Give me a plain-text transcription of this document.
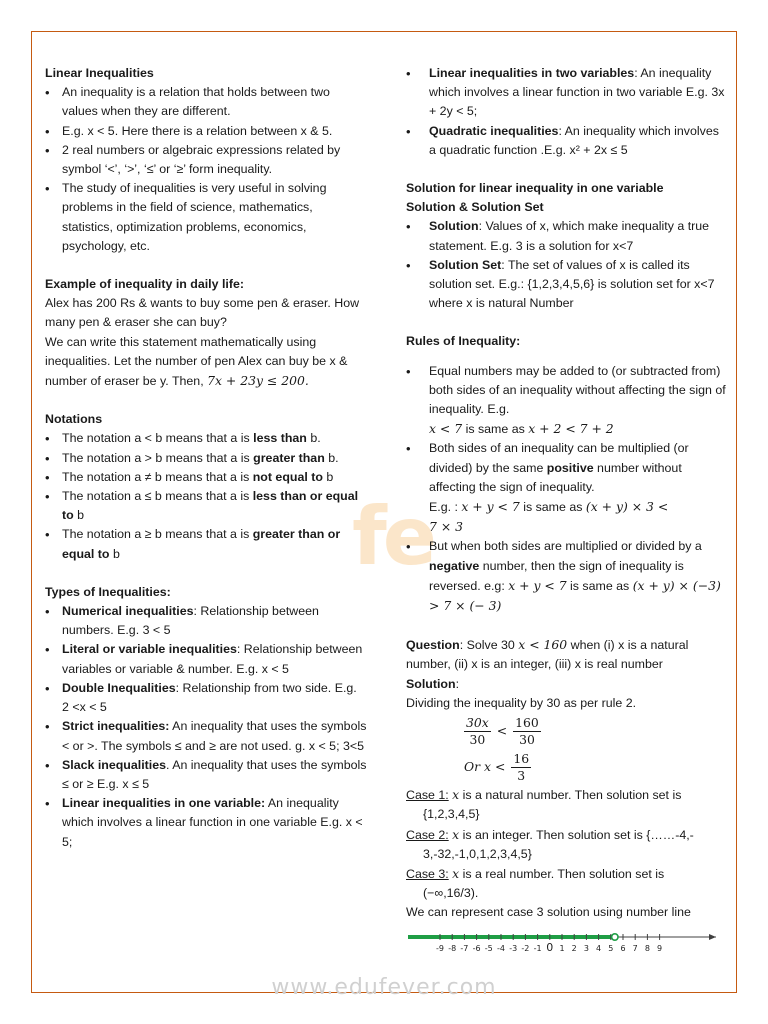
fe
Linear Inequalities
• An inequality is a relation that holds between two values when they are different.
• E.g. x < 5. Here there is a relation between x & 5.
• 2 real numbers or algebraic expressions related by symbol ‘<’, ‘>’, ‘≤’ or ‘≥’ form inequality.
• The study of inequalities is very useful in solving problems in the field of science, mathematics, statistics, optimization problems, economics, psychology, etc.
Example of inequality in daily life:

Alex has 200 Rs & wants to buy some pen & eraser. How many pen & eraser she can buy?

We can write this statement mathematically using inequalities. Let the number of pen Alex can buy be x & number of eraser be y. Then, 7x + 23y ≤ 200.

Notations
• The notation a < b means that a is less than b.
• The notation a > b means that a is greater than b.
• The notation a ≠ b means that a is not equal to b
• The notation a ≤ b means that a is less than or equal to b
• The notation a ≥ b means that a is greater than or equal to b
Types of Inequalities:
• Numerical inequalities: Relationship between numbers. E.g. 3 < 5
• Literal or variable inequalities: Relationship between variables or variable & number. E.g. x < 5
• Double Inequalities: Relationship from two side. E.g. 2 <x < 5
• Strict inequalities: An inequality that uses the symbols < or >. The symbols ≤ and ≥ are not used. g. x < 5; 3<5
• Slack inequalities. An inequality that uses the symbols ≤ or ≥ E.g. x ≤ 5
• Linear inequalities in one variable: An inequality which involves a linear function in one variable E.g. x < 5;
• Linear inequalities in two variables: An inequality which involves a linear function in two variable E.g. 3x + 2y < 5;
• Quadratic inequalities: An inequality which involves a quadratic function .E.g. x² + 2x ≤ 5
Solution for linear inequality in one variable
Solution & Solution Set
• Solution: Values of x, which make inequality a true statement. E.g. 3 is a solution for x<7
• Solution Set: The set of values of x is called its solution set. E.g.: {1,2,3,4,5,6} is solution set for x<7 where x is natural Number
Rules of Inequality:
• Equal numbers may be added to (or subtracted from) both sides of an inequality without affecting the sign of inequality. E.g.
x < 7 is same as x + 2 < 7 + 2
• Both sides of an inequality can be multiplied (or divided) by the same positive number without affecting the sign of inequality.
E.g. : x + y < 7 is same as (x + y) × 3 <
7 × 3
• But when both sides are multiplied or divided by a negative number, then the sign of inequality is reversed. e.g: x + y < 7 is same as (x + y) × (−3) > 7 × (− 3)

Question: Solve 30 x < 160 when (i) x is a natural number, (ii) x is an integer, (iii) x is real number

Solution:

Dividing the inequality by 30 as per rule 2.

$\frac{30x}{30} < \frac{160}{30}$
Or $x < \frac{16}{3}$

Case 1: x is a natural number. Then solution set is

{1,2,3,4,5}

Case 2: x is an integer. Then solution set is {……-4,-

3,-32,-1,0,1,2,3,4,5}

Case 3: x is a real number. Then solution set is

(−∞,16/3).

We can represent case 3 solution using number line

-9 -8 -7 -6 -5 -4 -3 -2 -1 0 1 2 3 4 5 6 7 8 9
www.edufever.com
